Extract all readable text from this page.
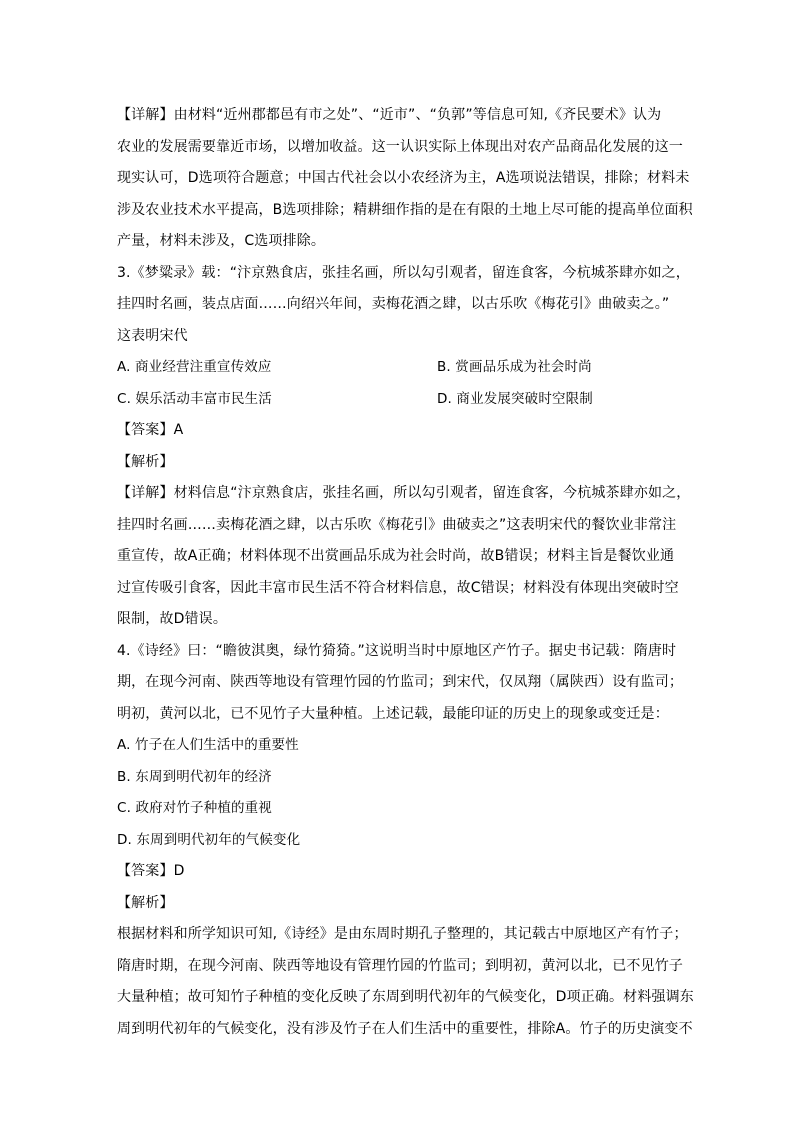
【详解】由材料“近州郡都邑有市之处”、“近市”、“负郭”等信息可知,《齐民要术》认为
农业的发展需要靠近市场，以增加收益。这一认识实际上体现出对农产品商品化发展的这一
现实认可，D选项符合题意；中国古代社会以小农经济为主，A选项说法错误，排除；材料未
涉及农业技术水平提高，B选项排除；精耕细作指的是在有限的土地上尽可能的提高单位面积
产量，材料未涉及，C选项排除。
3.《梦粱录》载：“汴京熟食店，张挂名画，所以勾引观者，留连食客，今杭城茶肆亦如之，
挂四时名画，装点店面……向绍兴年间，卖梅花酒之肆，以古乐吹《梅花引》曲破卖之。”
这表明宋代
A. 商业经营注重宣传效应	B. 赏画品乐成为社会时尚
C. 娱乐活动丰富市民生活	D. 商业发展突破时空限制
【答案】A
【解析】
【详解】材料信息“汴京熟食店，张挂名画，所以勾引观者，留连食客，今杭城茶肆亦如之，
挂四时名画……卖梅花酒之肆，以古乐吹《梅花引》曲破卖之”这表明宋代的餐饮业非常注
重宣传，故A正确；材料体现不出赏画品乐成为社会时尚，故B错误；材料主旨是餐饮业通
过宣传吸引食客，因此丰富市民生活不符合材料信息，故C错误；材料没有体现出突破时空
限制，故D错误。
4.《诗经》曰：“瞻彼淇奥，绿竹猗猗。”这说明当时中原地区产竹子。据史书记载：隋唐时
期，在现今河南、陕西等地设有管理竹园的竹监司；到宋代，仅凤翔（属陕西）设有监司；
明初，黄河以北，已不见竹子大量种植。上述记载，最能印证的历史上的现象或变迁是：
A. 竹子在人们生活中的重要性
B. 东周到明代初年的经济
C. 政府对竹子种植的重视
D. 东周到明代初年的气候变化
【答案】D
【解析】
根据材料和所学知识可知,《诗经》是由东周时期孔子整理的，其记载古中原地区产有竹子；
隋唐时期，在现今河南、陕西等地设有管理竹园的竹监司；到明初，黄河以北，已不见竹子
大量种植；故可知竹子种植的变化反映了东周到明代初年的气候变化，D项正确。材料强调东
周到明代初年的气候变化，没有涉及竹子在人们生活中的重要性，排除A。竹子的历史演变不
